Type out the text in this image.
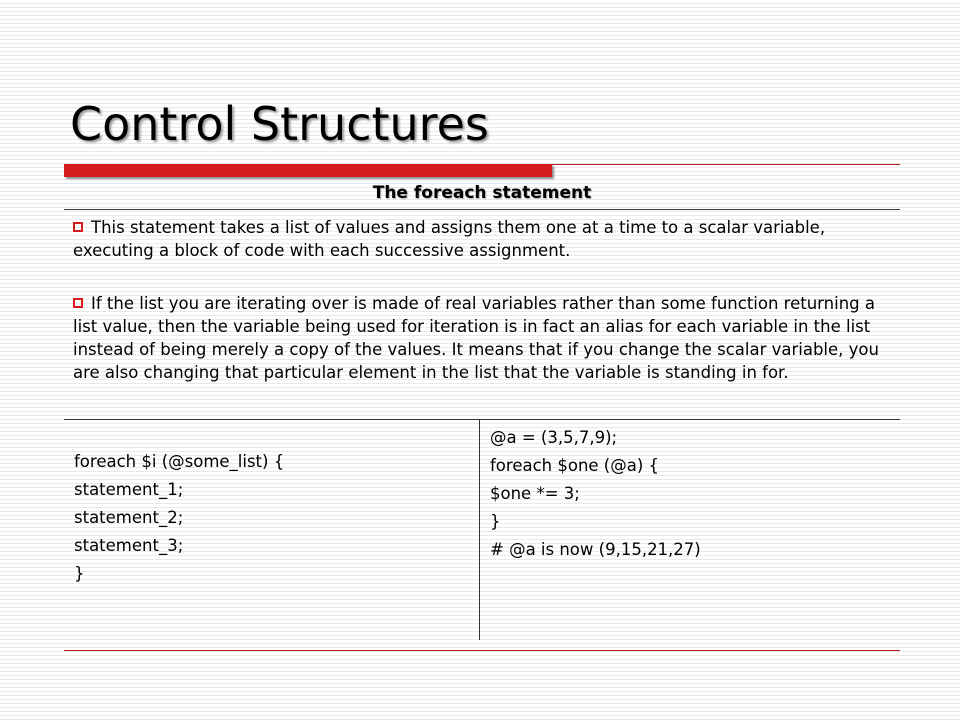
Control Structures
The foreach statement
This statement takes a list of values and assigns them one at a time to a scalar variable, executing a block of code with each successive assignment.
If the list you are iterating over is made of real variables rather than some function returning a list value, then the variable being used for iteration is in fact an alias for each variable in the list instead of being merely a copy of the values. It means that if you change the scalar variable, you are also changing that particular element in the list that the variable is standing in for.
foreach $i (@some_list) {
statement_1;
statement_2;
statement_3;
}
@a = (3,5,7,9);
foreach $one (@a) {
$one *= 3;
}
# @a is now (9,15,21,27)
